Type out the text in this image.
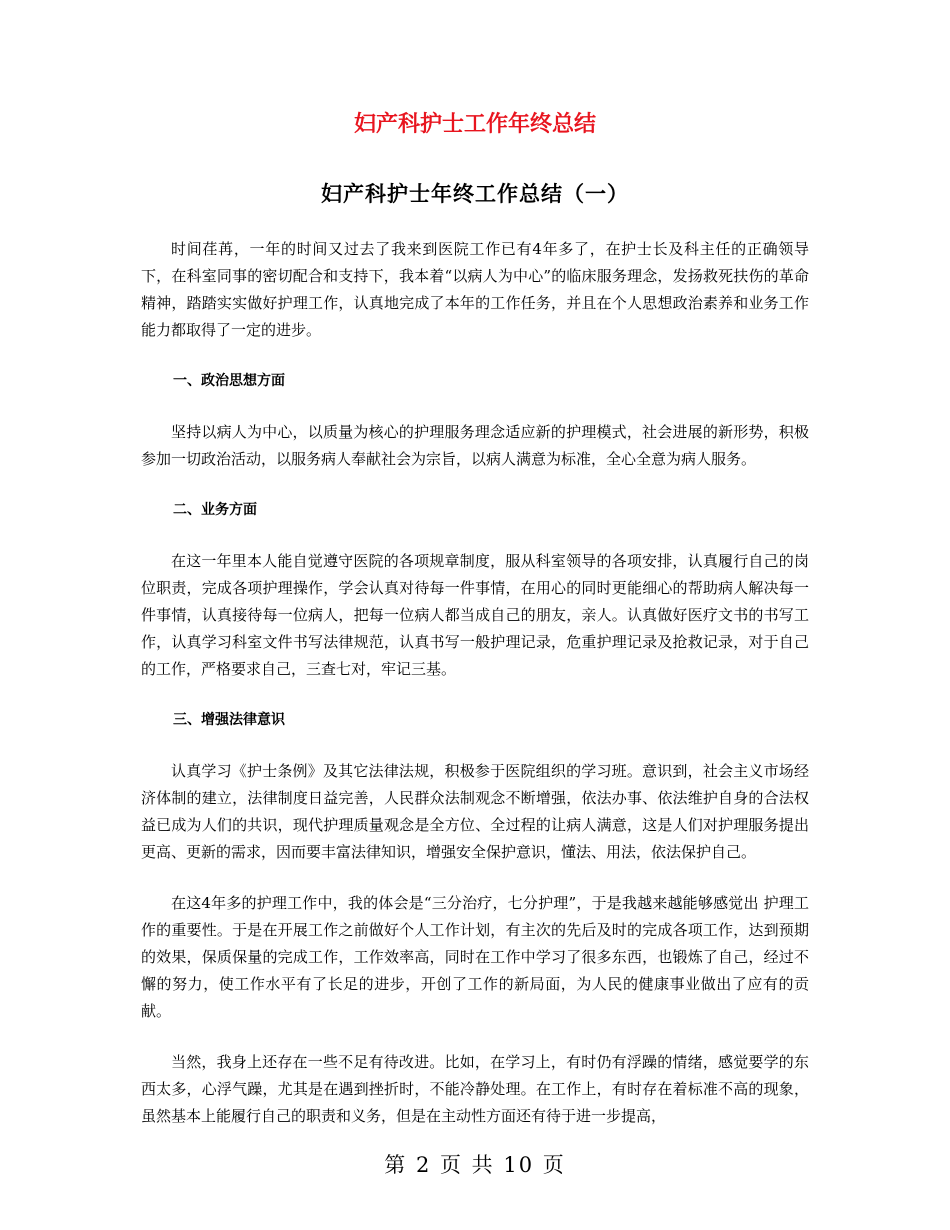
妇产科护士工作年终总结
妇产科护士年终工作总结（一）

时间荏苒，一年的时间又过去了我来到医院工作已有4年多了，在护士长及科主任的正确领导下，在科室同事的密切配合和支持下，我本着“以病人为中心”的临床服务理念，发扬救死扶伤的革命精神，踏踏实实做好护理工作，认真地完成了本年的工作任务，并且在个人思想政治素养和业务工作能力都取得了一定的进步。

一、政治思想方面

坚持以病人为中心，以质量为核心的护理服务理念适应新的护理模式，社会进展的新形势，积极参加一切政治活动，以服务病人奉献社会为宗旨，以病人满意为标准，全心全意为病人服务。

二、业务方面

在这一年里本人能自觉遵守医院的各项规章制度，服从科室领导的各项安排，认真履行自己的岗位职责，完成各项护理操作，学会认真对待每一件事情，在用心的同时更能细心的帮助病人解决每一件事情，认真接待每一位病人，把每一位病人都当成自己的朋友，亲人。认真做好医疗文书的书写工作，认真学习科室文件书写法律规范，认真书写一般护理记录，危重护理记录及抢救记录，对于自己的工作，严格要求自己，三查七对，牢记三基。

三、增强法律意识

认真学习《护士条例》及其它法律法规，积极参于医院组织的学习班。意识到，社会主义市场经济体制的建立，法律制度日益完善，人民群众法制观念不断增强，依法办事、依法维护自身的合法权益已成为人们的共识，现代护理质量观念是全方位、全过程的让病人满意，这是人们对护理服务提出更高、更新的需求，因而要丰富法律知识，增强安全保护意识，懂法、用法，依法保护自己。

在这4年多的护理工作中，我的体会是“三分治疗，七分护理”，于是我越来越能够感觉出 护理工作的重要性。于是在开展工作之前做好个人工作计划，有主次的先后及时的完成各项工作，达到预期的效果，保质保量的完成工作，工作效率高，同时在工作中学习了很多东西，也锻炼了自己，经过不懈的努力，使工作水平有了长足的进步，开创了工作的新局面，为人民的健康事业做出了应有的贡献。

当然，我身上还存在一些不足有待改进。比如，在学习上，有时仍有浮躁的情绪，感觉要学的东西太多，心浮气躁，尤其是在遇到挫折时，不能冷静处理。在工作上，有时存在着标准不高的现象，虽然基本上能履行自己的职责和义务，但是在主动性方面还有待于进一步提高，

第 2 页 共 10 页
